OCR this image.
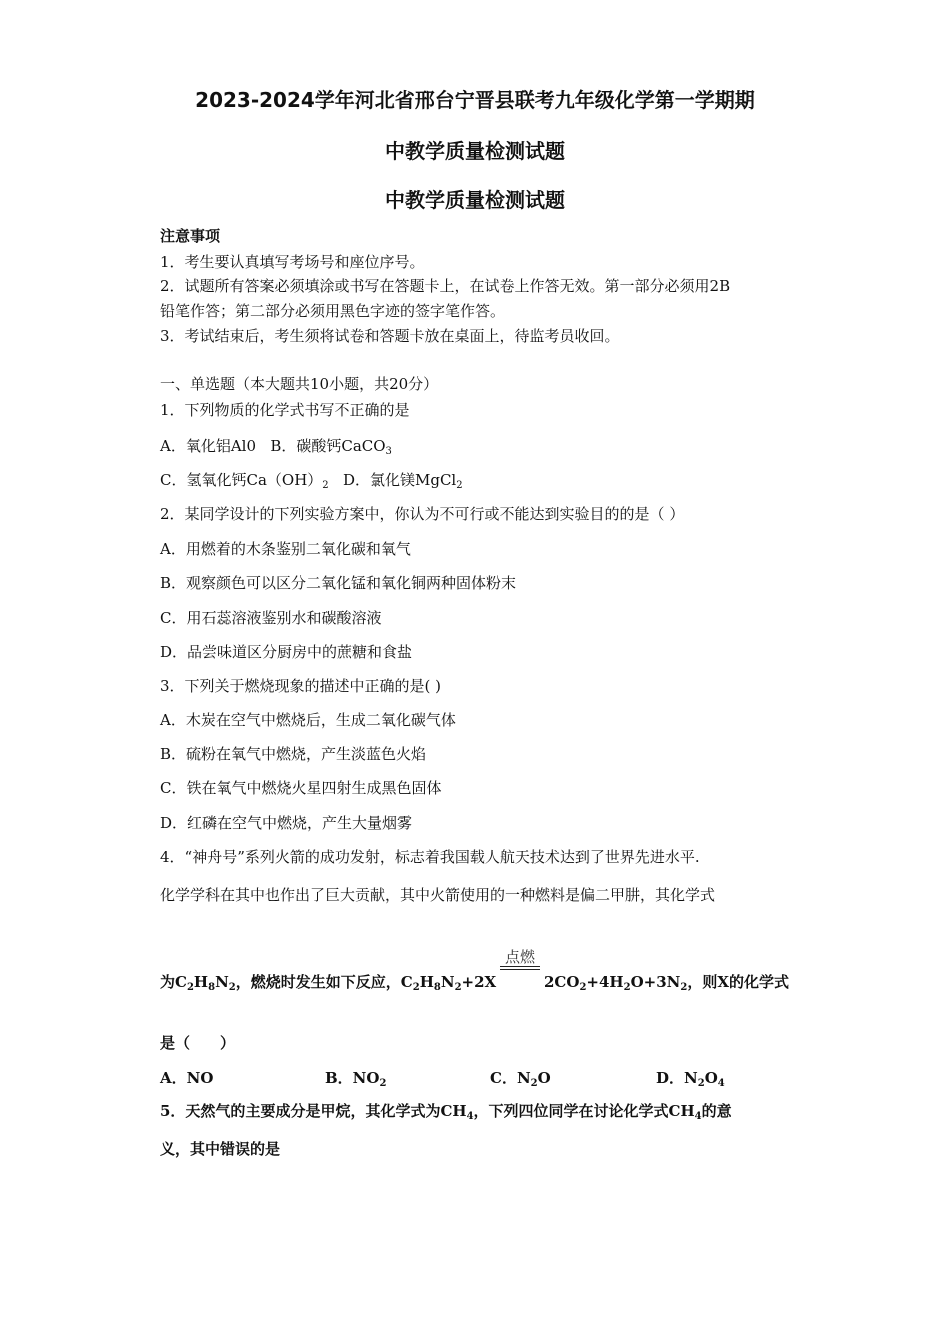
2023-2024学年河北省邢台宁晋县联考九年级化学第一学期期
中教学质量检测试题
中教学质量检测试题
注意事项
1．考生要认真填写考场号和座位序号。
2．试题所有答案必须填涂或书写在答题卡上，在试卷上作答无效。第一部分必须用2B
铅笔作答；第二部分必须用黑色字迹的签字笔作答。
3．考试结束后，考生须将试卷和答题卡放在桌面上，待监考员收回。
一、单选题（本大题共10小题，共20分）
1．下列物质的化学式书写不正确的是
A．氧化铝Al0 B．碳酸钙CaCO$_3$
C．氢氧化钙$Ca(OH)_2$ D．氯化镁MgCl$_2$
2．某同学设计的下列实验方案中，你认为不可行或不能达到实验目的的是（ ）
A．用燃着的木条鉴别二氧化碳和氧气
B．观察颜色可以区分二氧化锰和氧化铜两种固体粉末
C．用石蕊溶液鉴别水和碳酸溶液
D．品尝味道区分厨房中的蔗糖和食盐
3．下列关于燃烧现象的描述中正确的是( )
A．木炭在空气中燃烧后，生成二氧化碳气体
B．硫粉在氧气中燃烧，产生淡蓝色火焰
C．铁在氧气中燃烧火星四射生成黑色固体
D．红磷在空气中燃烧，产生大量烟雾
4．“神舟号”系列火箭的成功发射，标志着我国载人航天技术达到了世界先进水平.
化学学科在其中也作出了巨大贡献，其中火箭使用的一种燃料是偏二甲肼，其化学式
点燃
为$C_2H_8N_2$，燃烧时发生如下反应，$C_2H_8N_2+2X$	$2CO_2+4H_2O+3N_2$，则X的化学式
是（　　）
A．NO	B．$NO_2$	C．$N_2O$	D．$N_2O_4$
5．天然气的主要成分是甲烷，其化学式为$CH_4$，下列四位同学在讨论化学式$CH_4$的意
义，其中错误的是
